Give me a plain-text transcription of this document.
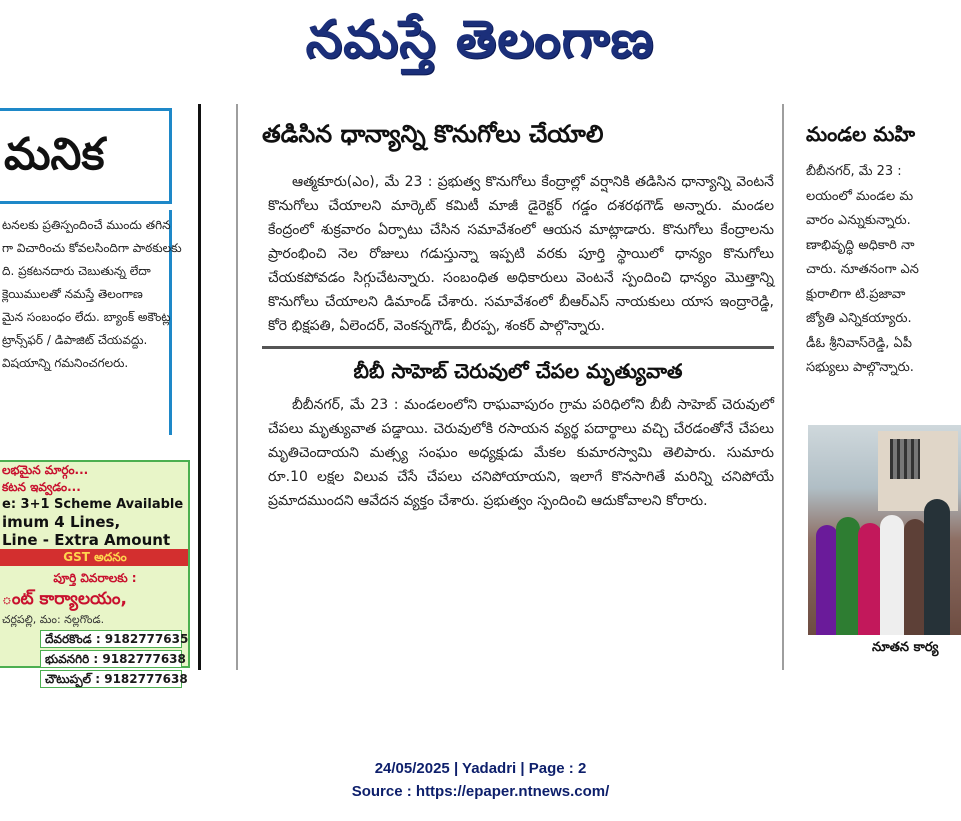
నమస్తే తెలంగాణ
మనిక
టనలకు ప్రతిస్పందించే ముందు తగిన
గా విచారించు కోవలసిందిగా పాఠకులకు
ది. ప్రకటనదారు చెబుతున్న లేదా
క్లెయిములతో నమస్తే తెలంగాణ
మైన సంబంధం లేదు. బ్యాంక్ అకౌంట్ల
ట్రాన్స్‌ఫర్ / డిపాజిట్ చేయవద్దు.
విషయాన్ని గమనించగలరు.
లభమైన మార్గం...
కటన ఇవ్వడం...
e: 3+1 Scheme Available
imum 4 Lines,
Line - Extra Amount
GST అదనం
పూర్తి వివరాలకు :
ంట్ కార్యాలయం,
చర్లపల్లి, మం: నల్లగొండ.
దేవరకొండ : 9182777635
భువనగిరి : 9182777638
చౌటుప్పల్ : 9182777638
తడిసిన ధాన్యాన్ని కొనుగోలు చేయాలి

ఆత్మకూరు(ఎం), మే 23 : ప్రభుత్వ కొనుగోలు కేంద్రాల్లో వర్షానికి తడిసిన ధాన్యాన్ని వెంటనే కొనుగోలు చేయాలని మార్కెట్ కమిటీ మాజీ డైరెక్టర్ గడ్డం దశరథగౌడ్ అన్నారు. మండల కేంద్రంలో శుక్రవారం ఏర్పాటు చేసిన సమావేశంలో ఆయన మాట్లాడారు. కొనుగోలు కేంద్రాలను ప్రారంభించి నెల రోజులు గడుస్తున్నా ఇప్పటి వరకు పూర్తి స్థాయిలో ధాన్యం కొనుగోలు చేయకపోవడం సిగ్గుచేటన్నారు. సంబంధిత అధికారులు వెంటనే స్పందించి ధాన్యం మొత్తాన్ని కొనుగోలు చేయాలని డిమాండ్ చేశారు. సమావేశంలో బీఆర్ఎస్ నాయకులు యాస ఇంద్రారెడ్డి, కోరె భిక్షపతి, ఏలెందర్, వెంకన్నగౌడ్, బీరప్ప, శంకర్ పాల్గొన్నారు.

బీబీ సాహెబ్ చెరువులో చేపల మృత్యువాత

బీబీనగర్, మే 23 : మండలంలోని రాఘవాపురం గ్రామ పరిధిలోని బీబీ సాహెబ్ చెరువులో చేపలు మృత్యువాత పడ్డాయి. చెరువులోకి రసాయన వ్యర్థ పదార్థాలు వచ్చి చేరడంతోనే చేపలు మృతిచెందాయని మత్స్య సంఘం అధ్యక్షుడు మేకల కుమారస్వామి తెలిపారు. సుమారు రూ.10 లక్షల విలువ చేసే చేపలు చనిపోయాయని, ఇలాగే కొనసాగితే మరిన్ని చనిపోయే ప్రమాదముందని ఆవేదన వ్యక్తం చేశారు. ప్రభుత్వం స్పందించి ఆదుకోవాలని కోరారు.

మండల మహి
బీబీనగర్, మే 23 :
లయంలో మండల మ
వారం ఎన్నుకున్నారు.
ణాభివృద్ధి అధికారి నా
చారు. నూతనంగా ఎన
క్షురాలిగా టి.ప్రజావా
జ్యోతి ఎన్నికయ్యారు.
డీఓ శ్రీనివాస్‌రెడ్డి, ఏపీ
సభ్యులు పాల్గొన్నారు.
నూతన కార్య
24/05/2025 | Yadadri | Page : 2
Source : https://epaper.ntnews.com/
